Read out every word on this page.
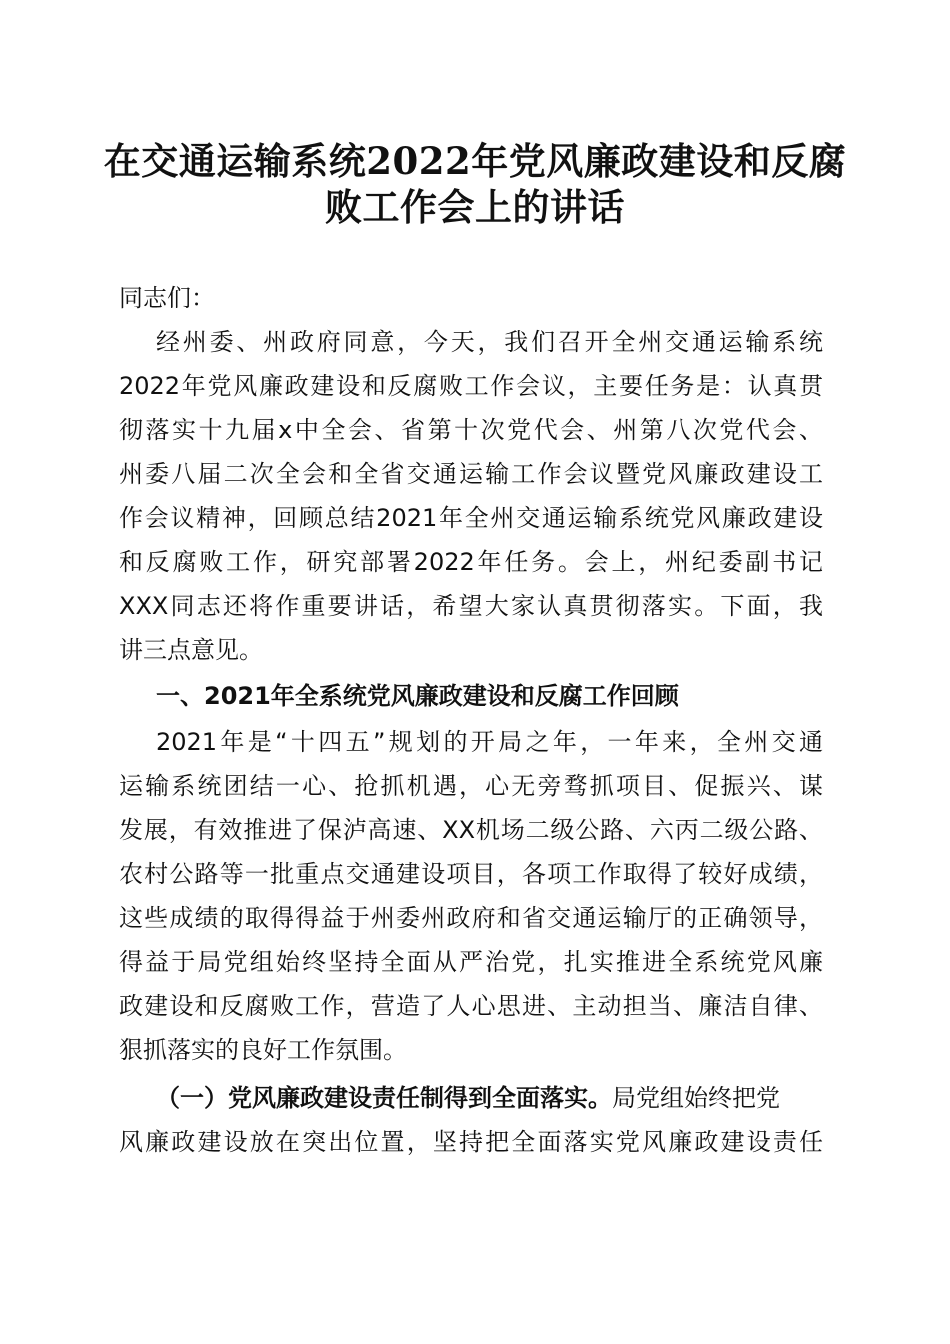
在交通运输系统2022年党风廉政建设和反腐
败工作会上的讲话
同志们：
经州委、州政府同意，今天，我们召开全州交通运输系统
2022年党风廉政建设和反腐败工作会议，主要任务是：认真贯
彻落实十九届x中全会、省第十次党代会、州第八次党代会、
州委八届二次全会和全省交通运输工作会议暨党风廉政建设工
作会议精神，回顾总结2021年全州交通运输系统党风廉政建设
和反腐败工作，研究部署2022年任务。会上，州纪委副书记
XXX同志还将作重要讲话，希望大家认真贯彻落实。下面，我
讲三点意见。
一、2021年全系统党风廉政建设和反腐工作回顾
2021年是“十四五”规划的开局之年，一年来，全州交通
运输系统团结一心、抢抓机遇，心无旁骛抓项目、促振兴、谋
发展，有效推进了保泸高速、XX机场二级公路、六丙二级公路、
农村公路等一批重点交通建设项目，各项工作取得了较好成绩，
这些成绩的取得得益于州委州政府和省交通运输厅的正确领导，
得益于局党组始终坚持全面从严治党，扎实推进全系统党风廉
政建设和反腐败工作，营造了人心思进、主动担当、廉洁自律、
狠抓落实的良好工作氛围。
（一）党风廉政建设责任制得到全面落实。局党组始终把党
风廉政建设放在突出位置，坚持把全面落实党风廉政建设责任
